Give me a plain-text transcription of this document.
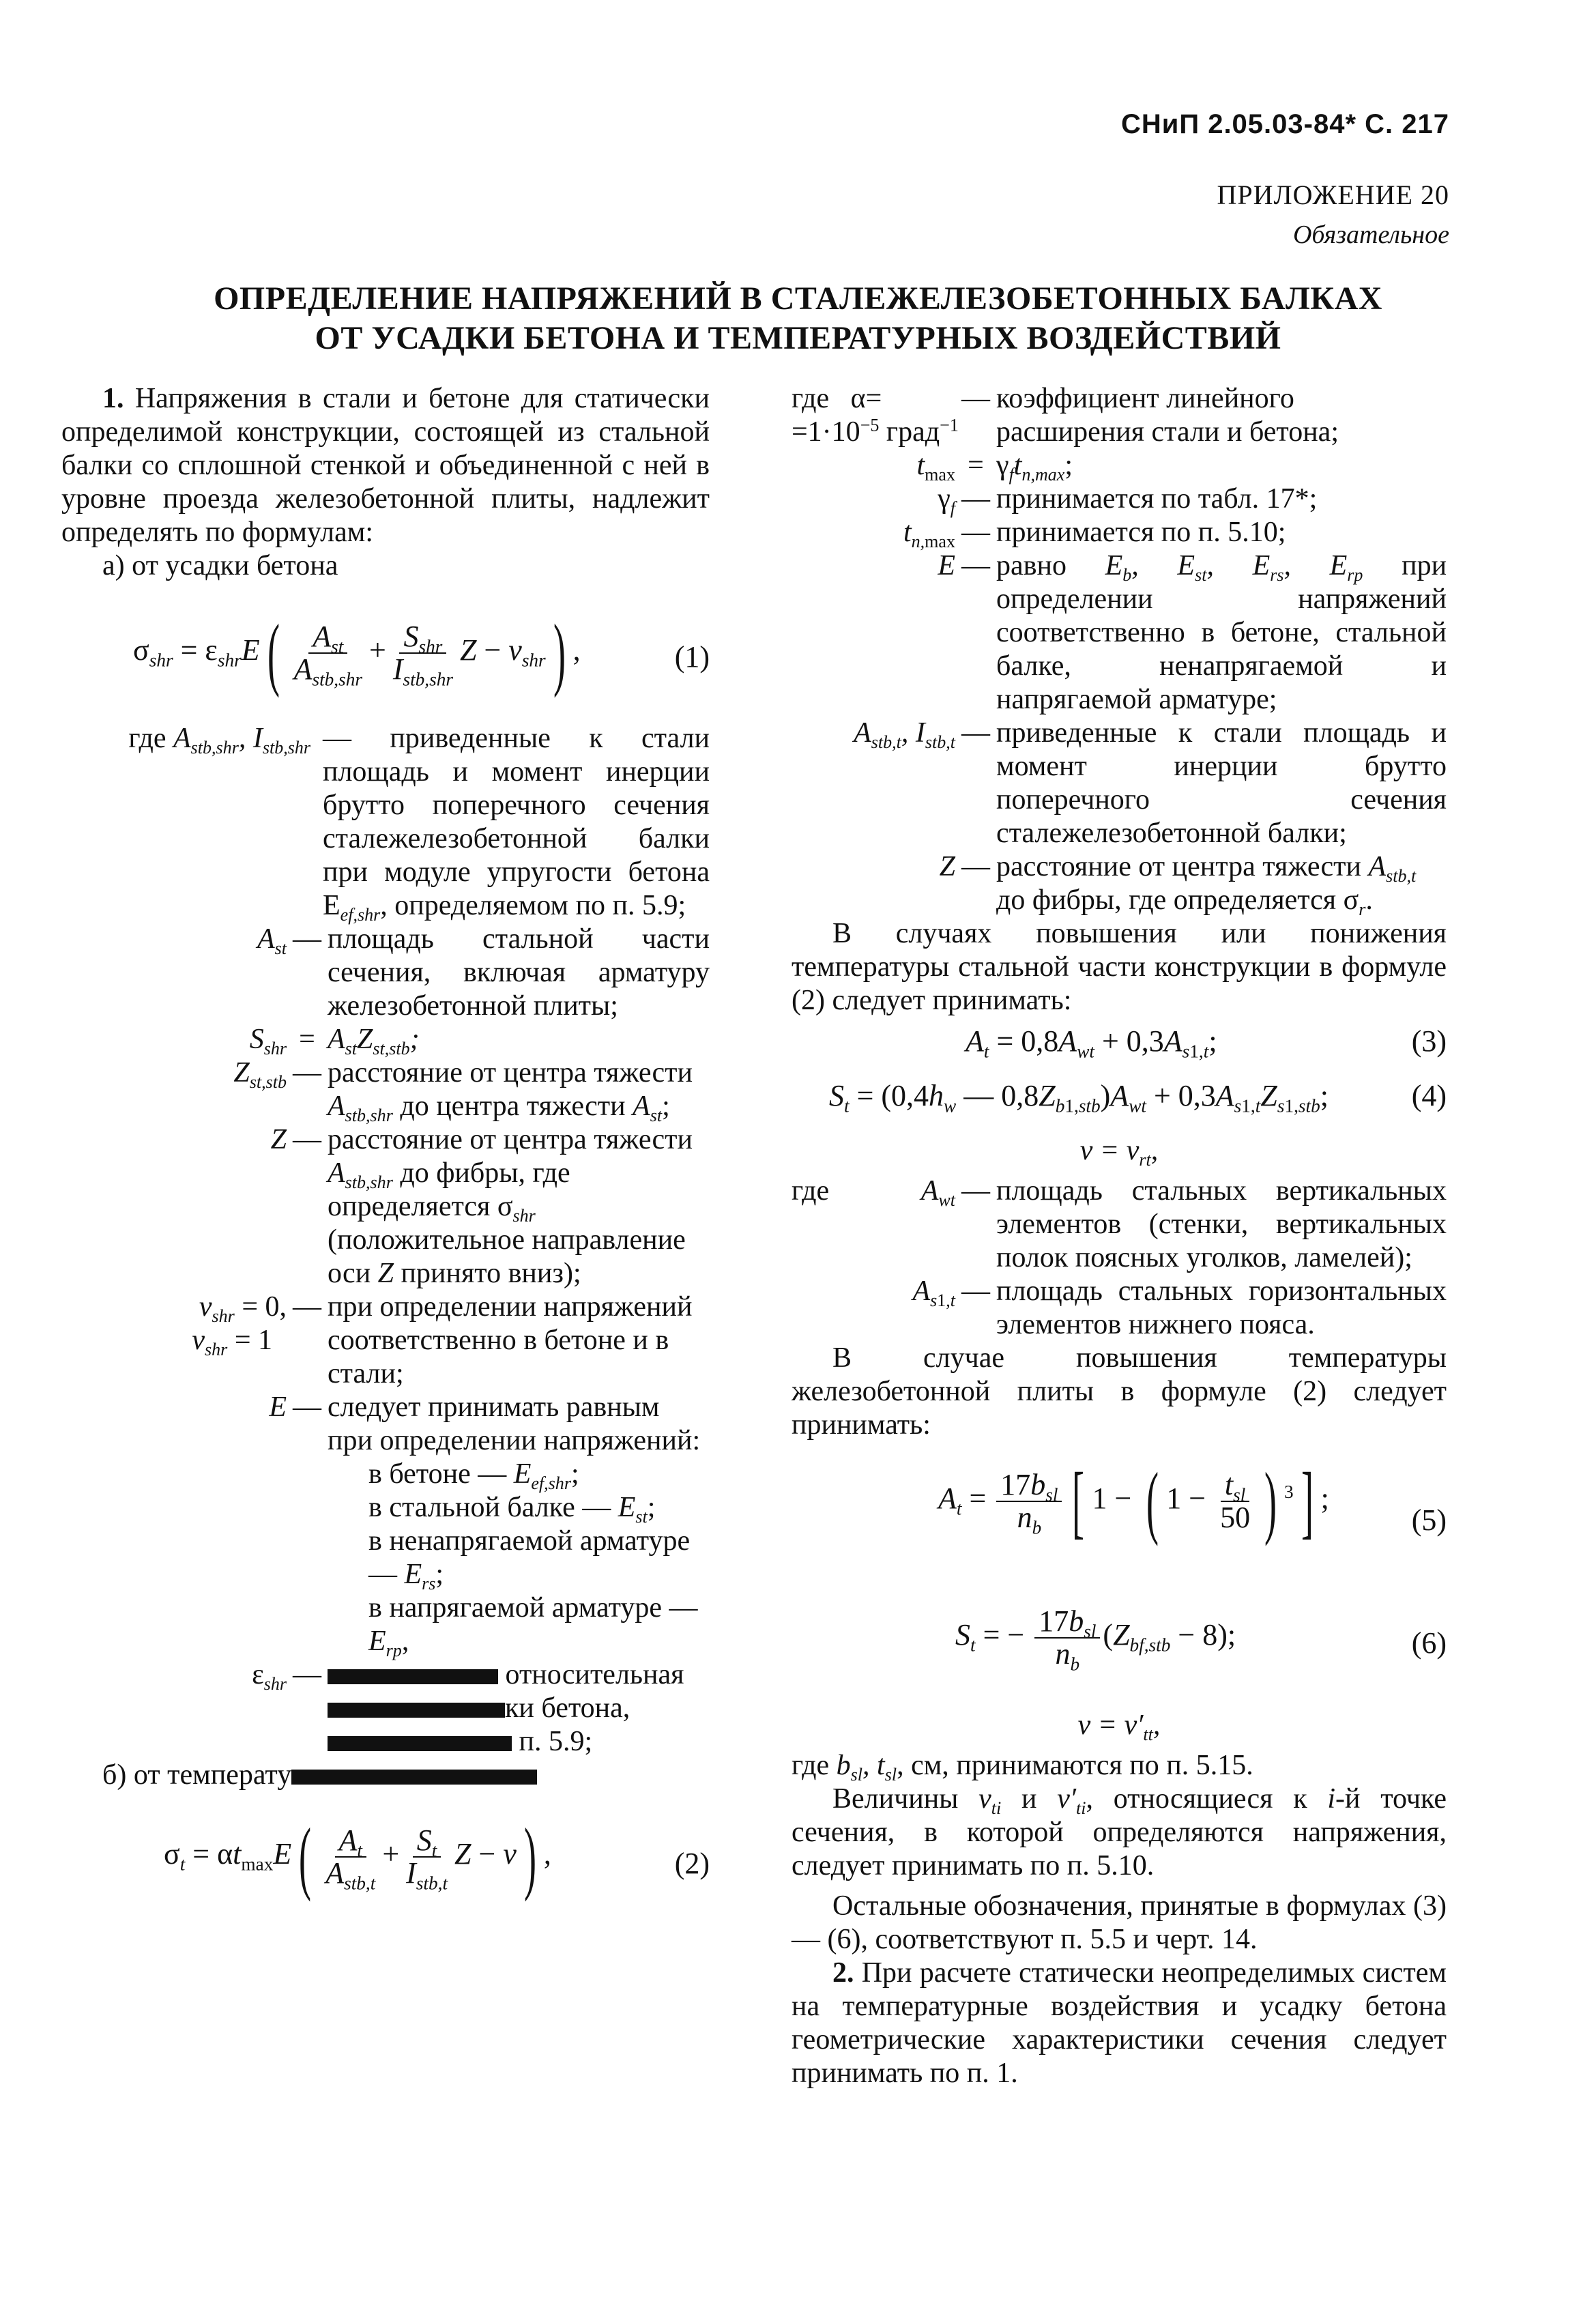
СНиП 2.05.03-84* С. 217
ПРИЛОЖЕНИЕ 20
Обязательное
ОПРЕДЕЛЕНИЕ НАПРЯЖЕНИЙ В СТАЛЕЖЕЛЕЗОБЕТОННЫХ БАЛКАХ
ОТ УСАДКИ БЕТОНА И ТЕМПЕРАТУРНЫХ ВОЗДЕЙСТВИЙ

1. Напряжения в стали и бетоне для статически определимой конструкции, состоящей из стальной балки со сплошной стенкой и объединенной с ней в уровне проезда железобетонной плиты, надлежит определять по формулам:

а) от усадки бетона

$\sigma_{shr} = \varepsilon_{shr}E( \frac{A_{st}}{A_{stb,shr}} + \frac{S_{shr}}{I_{stb,shr}}$ $Z - v_{shr}$) ,	(1)
где $A_{stb,shr}$, $I_{stb,shr}$ — приведенные к стали площадь и момент инерции брутто поперечного сечения сталежелезобетонной балки при модуле упругости бетона $E_{ef,shr}$, определяемом по п. 5.9;
$A_{st}$ — площадь стальной части сечения, включая арматуру железобетонной плиты;
$S_{shr} = A_{st}Z_{st,stb}$;
$Z_{st,stb}$ — расстояние от центра тяжести $A_{stb,shr}$ до центра тяжести $A_{st}$;
Z — расстояние от центра тяжести $A_{stb,shr}$ до фибры, где определяется $\sigma_{shr}$ (положительное направление оси Z принято вниз);
$v_{shr} = 0$,
$v_{shr} = 1$
— при определении напряжений соответственно в бетоне и в стали;
E — следует принимать равным при определении напряжений:

в бетоне — $E_{ef,shr}$;

в стальной балке — $E_{st}$;

в ненапрягаемой арматуре — $E_{rs}$;

в напрягаемой арматуре — $E_{rp}$,

$\varepsilon_{shr}$ —	относительная
ки бетона,
п. 5.9;

б) от температу

$\sigma_t = \alpha t_{max}E( \frac{A_t}{A_{stb,t}} + \frac{S_t}{I_{stb,t}}$ Z − v) ,	(2)
где α=
$=1\cdot 10^{-5}$ град$^{-1}$
— коэффициент линейного расширения стали и бетона;
$t_{max} = \gamma_ft_{n,max}$;
$\gamma_f$ — принимается по табл. 17*;
$t_{n,max}$ — принимается по п. 5.10;
E — равно $E_b$, $E_{st}$, $E_{rs}$, $E_{rp}$ при определении напряжений соответственно в бетоне, стальной балке, ненапрягаемой и напрягаемой арматуре;
$A_{stb,t}$, $I_{stb,t}$ — приведенные к стали площадь и момент инерции брутто поперечного сечения сталежелезобетонной балки;
Z — расстояние от центра тяжести $A_{stb,t}$ до фибры, где определяется $\sigma_r$.

В случаях повышения или понижения температуры стальной части конструкции в формуле (2) следует принимать:

$A_t = 0,8A_{wt} + 0,3A_{s1,t}$;	(3)
$S_t = (0,4h_w$ — $0,8Z_{b1,stb})A_{wt} + 0,3A_{s1,t}Z_{s1,stb}$;	(4)
$v = v_{rt}$,
где	$A_{wt}$ — площадь стальных вертикальных элементов (стенки, вертикальных полок поясных уголков, ламелей);
$A_{s1,t}$ — площадь стальных горизонтальных элементов нижнего пояса.

В случае повышения температуры железобетонной плиты в формуле (2) следует принимать:

$A_t = \frac{17b_{sl}}{n_b}$ [ 1 − ( $1 - \frac{t_{sl}}{50}$ ) $^3$] ;
(5)
$S_t$ = − $\frac{17b_{sl}}{n_b} (Z_{bf,stb} - 8)$;	(6)
$v = v'_{tt}$,

где $b_{sl}$, $t_{sl}$, см, принимаются по п. 5.15.

Величины $v_{ti}$ и $v'_{ti}$, относящиеся к i-й точке сечения, в которой определяются напряжения, следует принимать по п. 5.10.

Остальные обозначения, принятые в формулах (3) — (6), соответствуют п. 5.5 и черт. 14.

2. При расчете статически неопределимых систем на температурные воздействия и усадку бетона геометрические характеристики сечения следует принимать по п. 1.
